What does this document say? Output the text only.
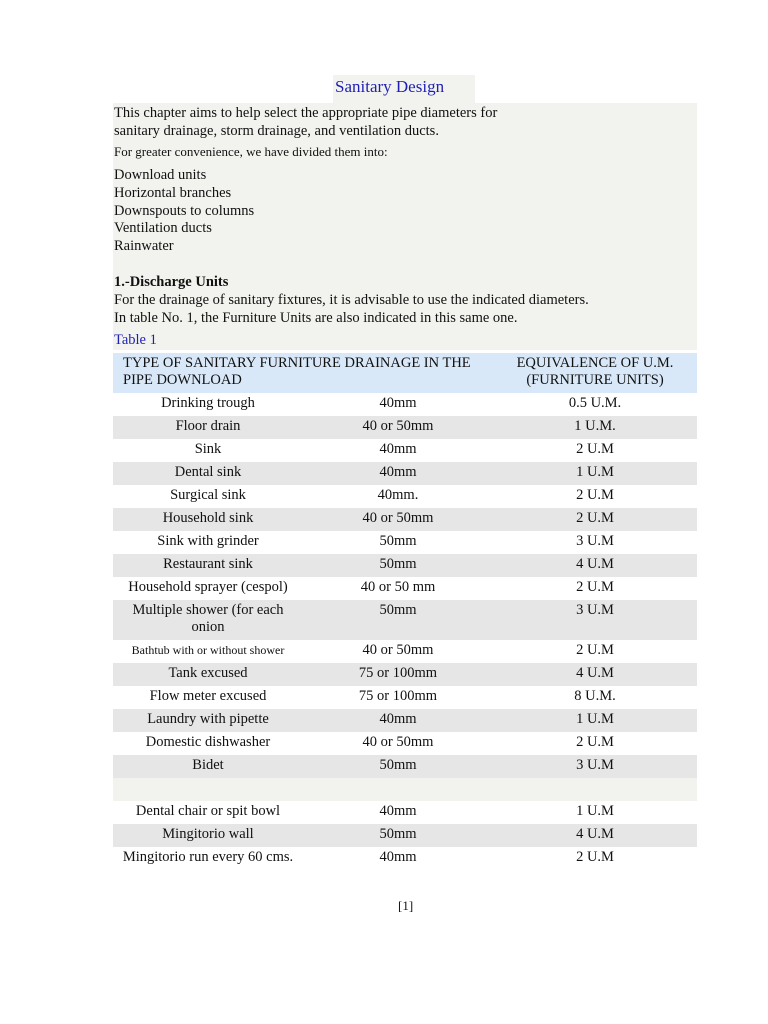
Sanitary Design
This chapter aims to help select the appropriate pipe diameters for
sanitary drainage, storm drainage, and ventilation ducts.
For greater convenience, we have divided them into:
Download units
Horizontal branches
Downspouts to columns
Ventilation ducts
Rainwater
1.-Discharge Units
For the drainage of sanitary fixtures, it is advisable to use the indicated diameters.
In table No. 1, the Furniture Units are also indicated in this same one.
Table 1
TYPE OF SANITARY FURNITURE DRAINAGE IN THE PIPE DOWNLOAD		EQUIVALENCE OF U.M. (FURNITURE UNITS)
Drinking trough	40mm	0.5 U.M.
Floor drain	40 or 50mm	1 U.M.
Sink	40mm	2 U.M
Dental sink	40mm	1 U.M
Surgical sink	40mm.	2 U.M
Household sink	40 or 50mm	2 U.M
Sink with grinder	50mm	3 U.M
Restaurant sink	50mm	4 U.M
Household sprayer (cespol)	40 or 50 mm	2 U.M
Multiple shower (for each onion	50mm	3 U.M
Bathtub with or without shower	40 or 50mm	2 U.M
Tank excused	75 or 100mm	4 U.M
Flow meter excused	75 or 100mm	8 U.M.
Laundry with pipette	40mm	1 U.M
Domestic dishwasher	40 or 50mm	2 U.M
Bidet	50mm	3 U.M

Dental chair or spit bowl	40mm	1 U.M
Mingitorio wall	50mm	4 U.M
Mingitorio run every 60 cms.	40mm	2 U.M
[1]
